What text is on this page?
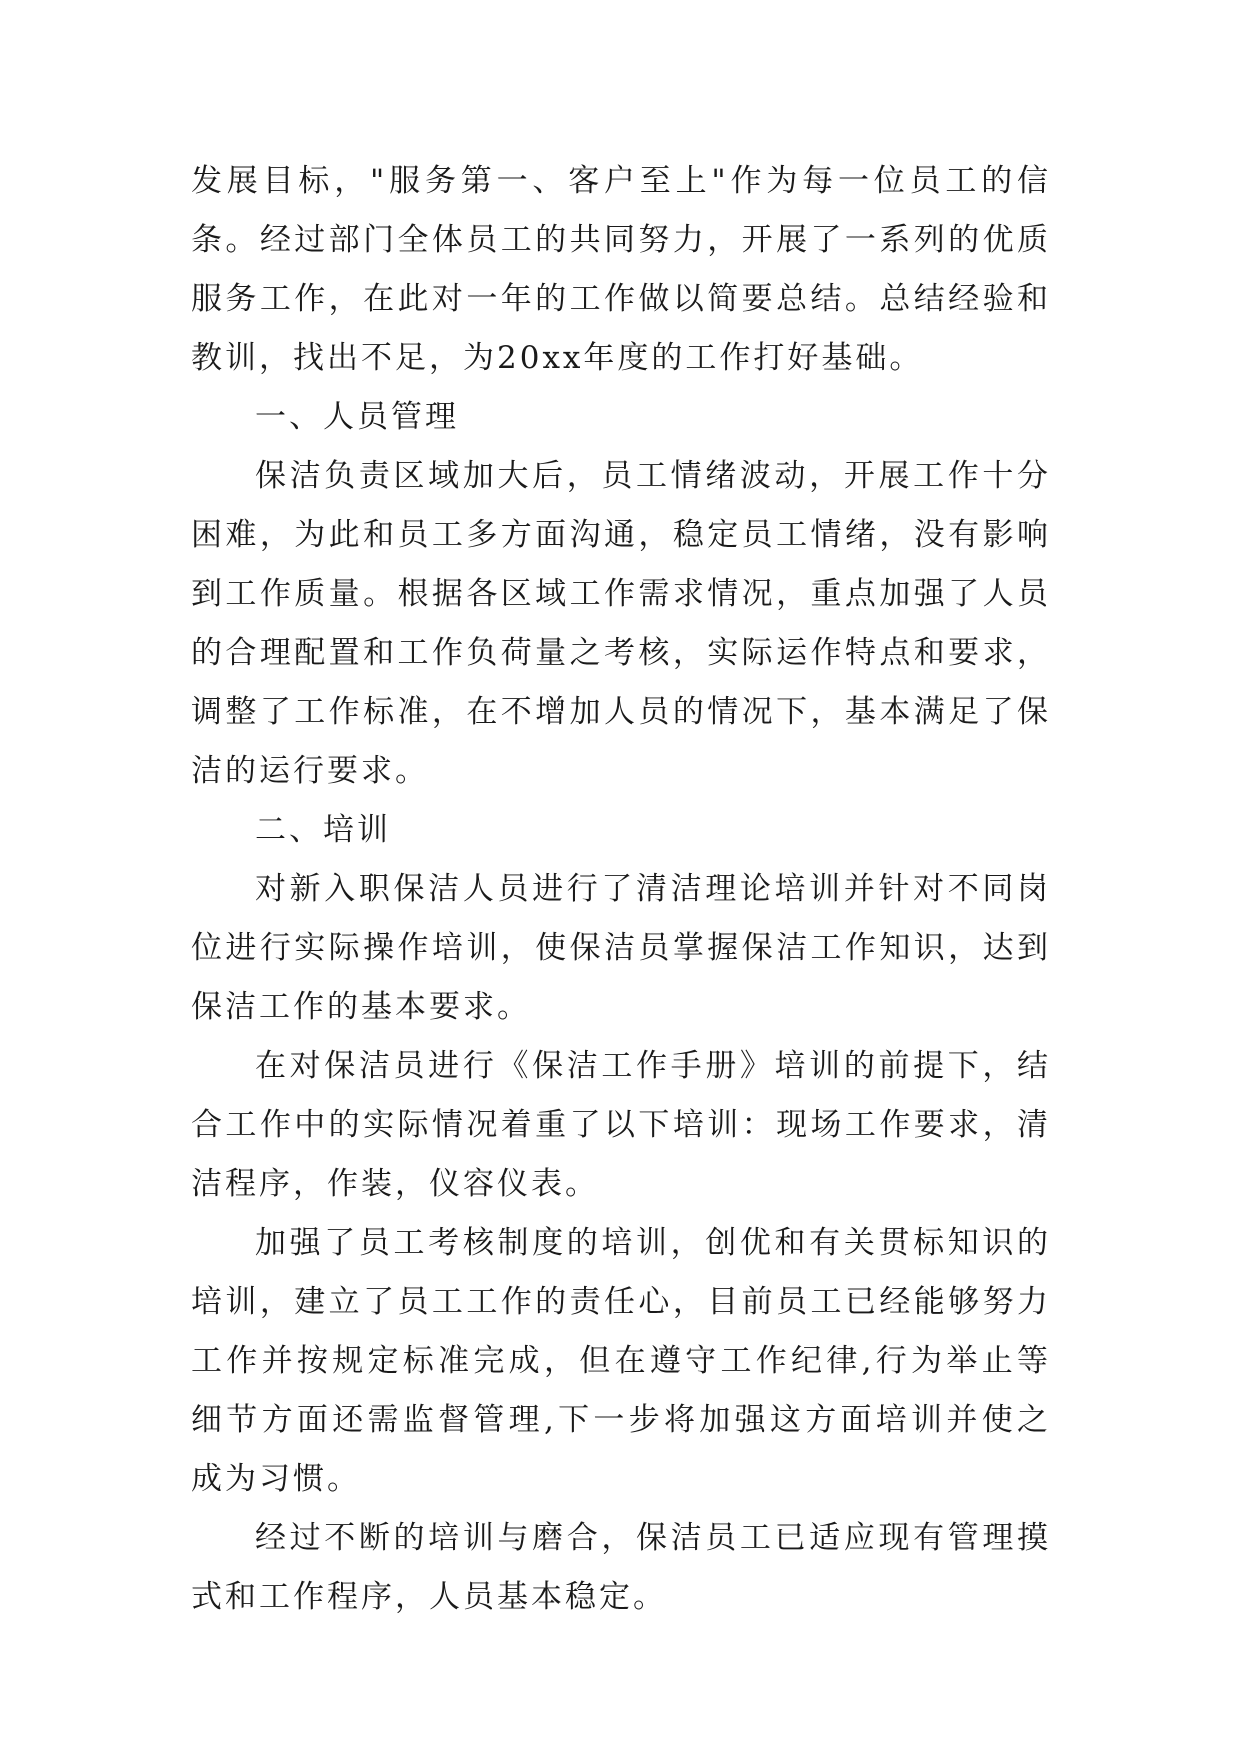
发展目标，"服务第一、客户至上"作为每一位员工的信条。经过部门全体员工的共同努力，开展了一系列的优质服务工作，在此对一年的工作做以简要总结。总结经验和教训，找出不足，为20xx年度的工作打好基础。

一、人员管理

保洁负责区域加大后，员工情绪波动，开展工作十分困难，为此和员工多方面沟通，稳定员工情绪，没有影响到工作质量。根据各区域工作需求情况，重点加强了人员的合理配置和工作负荷量之考核，实际运作特点和要求，调整了工作标准，在不增加人员的情况下，基本满足了保洁的运行要求。

二、培训

对新入职保洁人员进行了清洁理论培训并针对不同岗位进行实际操作培训，使保洁员掌握保洁工作知识，达到保洁工作的基本要求。

在对保洁员进行《保洁工作手册》培训的前提下，结合工作中的实际情况着重了以下培训：现场工作要求，清洁程序，作装，仪容仪表。

加强了员工考核制度的培训，创优和有关贯标知识的培训，建立了员工工作的责任心，目前员工已经能够努力工作并按规定标准完成，但在遵守工作纪律,行为举止等细节方面还需监督管理,下一步将加强这方面培训并使之成为习惯。

经过不断的培训与磨合，保洁员工已适应现有管理摸式和工作程序，人员基本稳定。
